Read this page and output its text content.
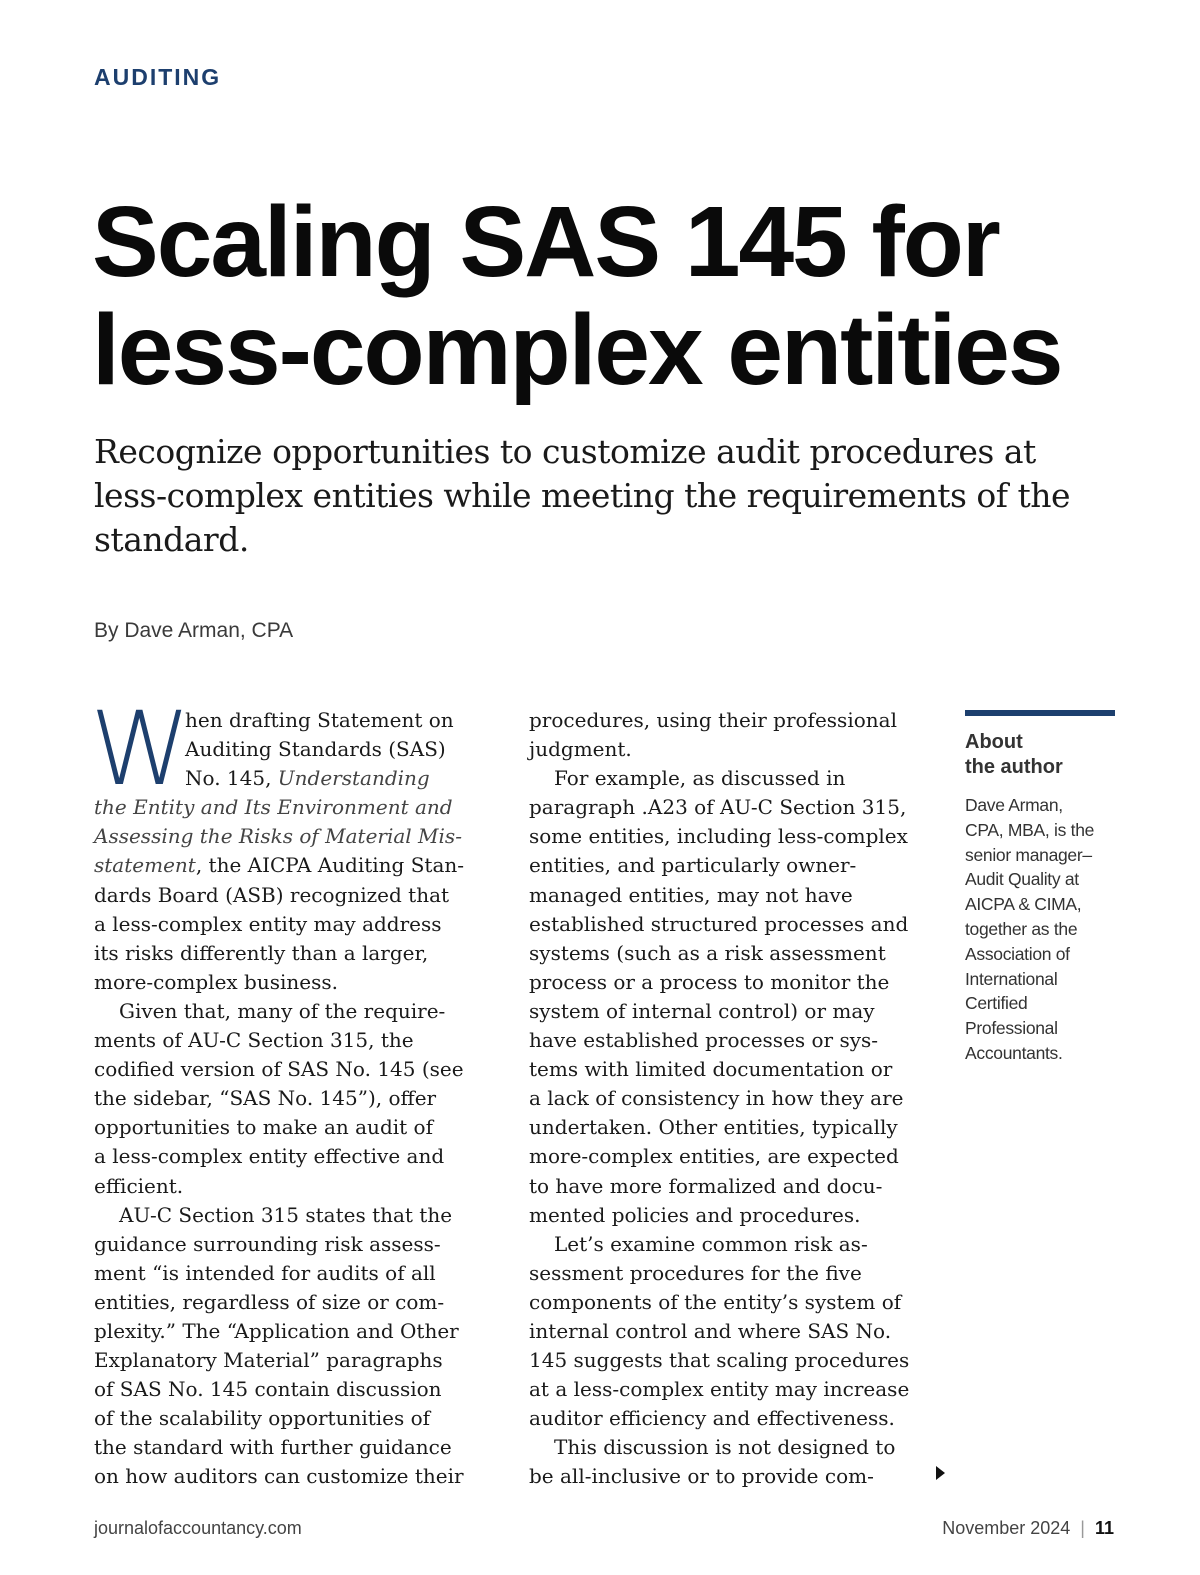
AUDITING
Scaling SAS 145 for
less-complex entities

Recognize opportunities to customize audit procedures at
less-complex entities while meeting the requirements of the
standard.

By Dave Arman, CPA
W
hen drafting Statement on
Auditing Standards (SAS)
No. 145, Understanding
the Entity and Its Environment and
Assessing the Risks of Material Mis-
statement, the AICPA Auditing Stan-
dards Board (ASB) recognized that
a less-complex entity may address
its risks differently than a larger,
more-complex business.
Given that, many of the require-
ments of AU-C Section 315, the
codified version of SAS No. 145 (see
the sidebar, “SAS No. 145”), offer
opportunities to make an audit of
a less-complex entity effective and
efficient.
AU-C Section 315 states that the
guidance surrounding risk assess-
ment “is intended for audits of all
entities, regardless of size or com-
plexity.” The “Application and Other
Explanatory Material” paragraphs
of SAS No. 145 contain discussion
of the scalability opportunities of
the standard with further guidance
on how auditors can customize their
procedures, using their professional
judgment.
For example, as discussed in
paragraph .A23 of AU-C Section 315,
some entities, including less-complex
entities, and particularly owner-
managed entities, may not have
established structured processes and
systems (such as a risk assessment
process or a process to monitor the
system of internal control) or may
have established processes or sys-
tems with limited documentation or
a lack of consistency in how they are
undertaken. Other entities, typically
more-complex entities, are expected
to have more formalized and docu-
mented policies and procedures.
Let’s examine common risk as-
sessment procedures for the five
components of the entity’s system of
internal control and where SAS No.
145 suggests that scaling procedures
at a less-complex entity may increase
auditor efficiency and effectiveness.
This discussion is not designed to
be all-inclusive or to provide com-
About
the author
Dave Arman,
CPA, MBA, is the
senior manager–
Audit Quality at
AICPA & CIMA,
together as the
Association of
International
Certified
Professional
Accountants.
journalofaccountancy.com	November 2024 | 11
